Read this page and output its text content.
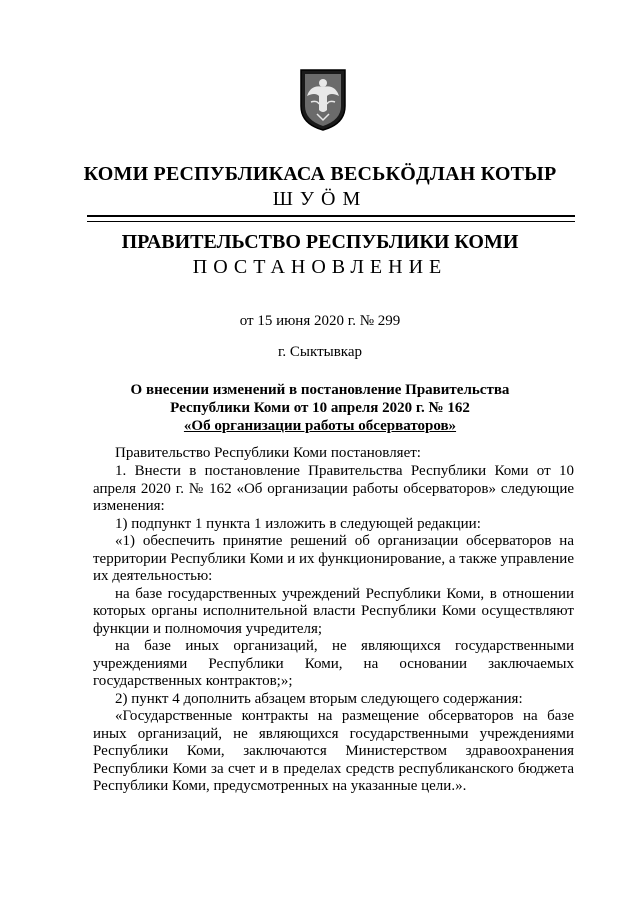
КОМИ РЕСПУБЛИКАСА ВЕСЬКӦДЛАН КОТЫР
ШУӦМ
ПРАВИТЕЛЬСТВО РЕСПУБЛИКИ КОМИ
ПОСТАНОВЛЕНИЕ
от 15 июня 2020 г. № 299
г. Сыктывкар
О внесении изменений в постановление Правительства
Республики Коми от 10 апреля 2020 г. № 162
«Об организации работы обсерваторов»
Правительство Республики Коми постановляет:

1. Внести в постановление Правительства Республики Коми от 10 апреля 2020 г. № 162 «Об организации работы обсерваторов» следующие изменения:

1) подпункт 1 пункта 1 изложить в следующей редакции:

«1) обеспечить принятие решений об организации обсерваторов на территории Республики Коми и их функционирование, а также управление их деятельностью:

на базе государственных учреждений Республики Коми, в отношении которых органы исполнительной власти Республики Коми осуществляют функции и полномочия учредителя;

на базе иных организаций, не являющихся государственными учреждениями Республики Коми, на основании заключаемых государственных контрактов;»;

2) пункт 4 дополнить абзацем вторым следующего содержания:

«Государственные контракты на размещение обсерваторов на базе иных организаций, не являющихся государственными учреждениями Республики Коми, заключаются Министерством здравоохранения Республики Коми за счет и в пределах средств республиканского бюджета Республики Коми, предусмотренных на указанные цели.».
